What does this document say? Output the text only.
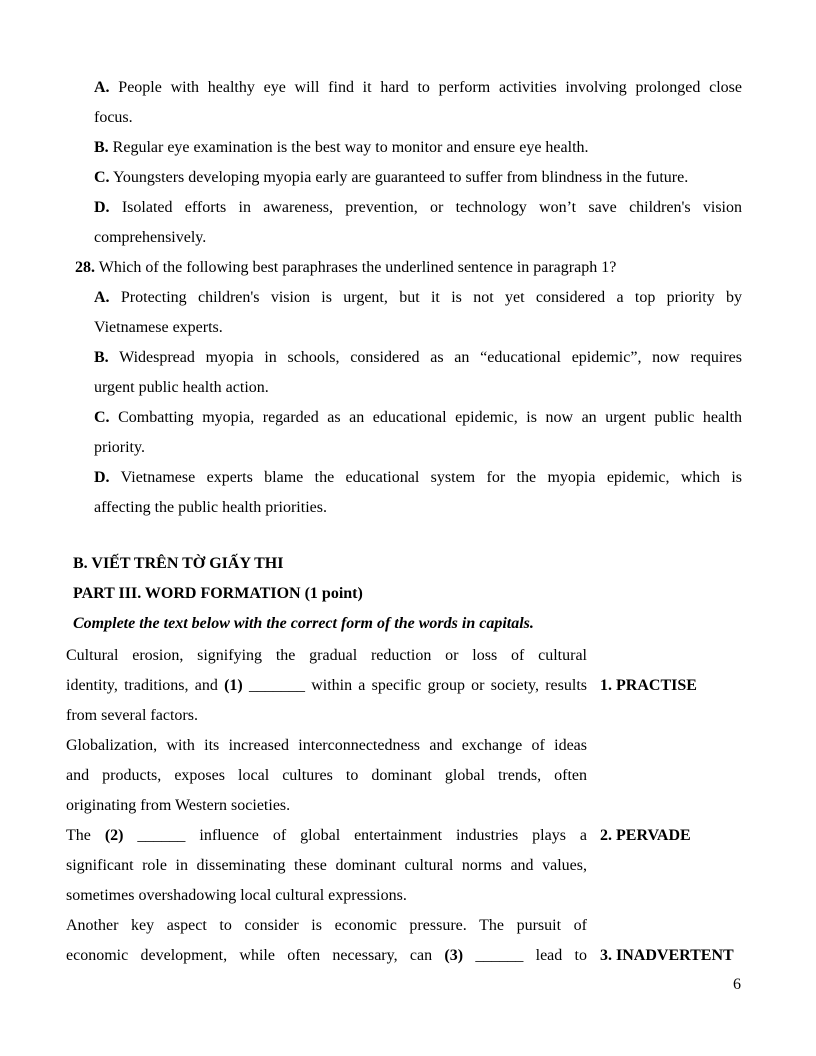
A. People with healthy eye will find it hard to perform activities involving prolonged close
focus.
B. Regular eye examination is the best way to monitor and ensure eye health.
C. Youngsters developing myopia early are guaranteed to suffer from blindness in the future.
D. Isolated efforts in awareness, prevention, or technology won’t save children's vision
comprehensively.
28. Which of the following best paraphrases the underlined sentence in paragraph 1?
A. Protecting children's vision is urgent, but it is not yet considered a top priority by
Vietnamese experts.
B. Widespread myopia in schools, considered as an “educational epidemic”, now requires
urgent public health action.
C. Combatting myopia, regarded as an educational epidemic, is now an urgent public health
priority.
D. Vietnamese experts blame the educational system for the myopia epidemic, which is
affecting the public health priorities.
B. VIẾT TRÊN TỜ GIẤY THI
PART III. WORD FORMATION (1 point)
Complete the text below with the correct form of the words in capitals.
Cultural erosion, signifying the gradual reduction or loss of cultural
identity, traditions, and (1) _______ within a specific group or society, results
from several factors.
Globalization, with its increased interconnectedness and exchange of ideas
and products, exposes local cultures to dominant global trends, often
originating from Western societies.
The (2) ______ influence of global entertainment industries plays a
significant role in disseminating these dominant cultural norms and values,
sometimes overshadowing local cultural expressions.
Another key aspect to consider is economic pressure. The pursuit of
economic development, while often necessary, can (3) ______ lead to
1. PRACTISE
2. PERVADE
3. INADVERTENT
6
